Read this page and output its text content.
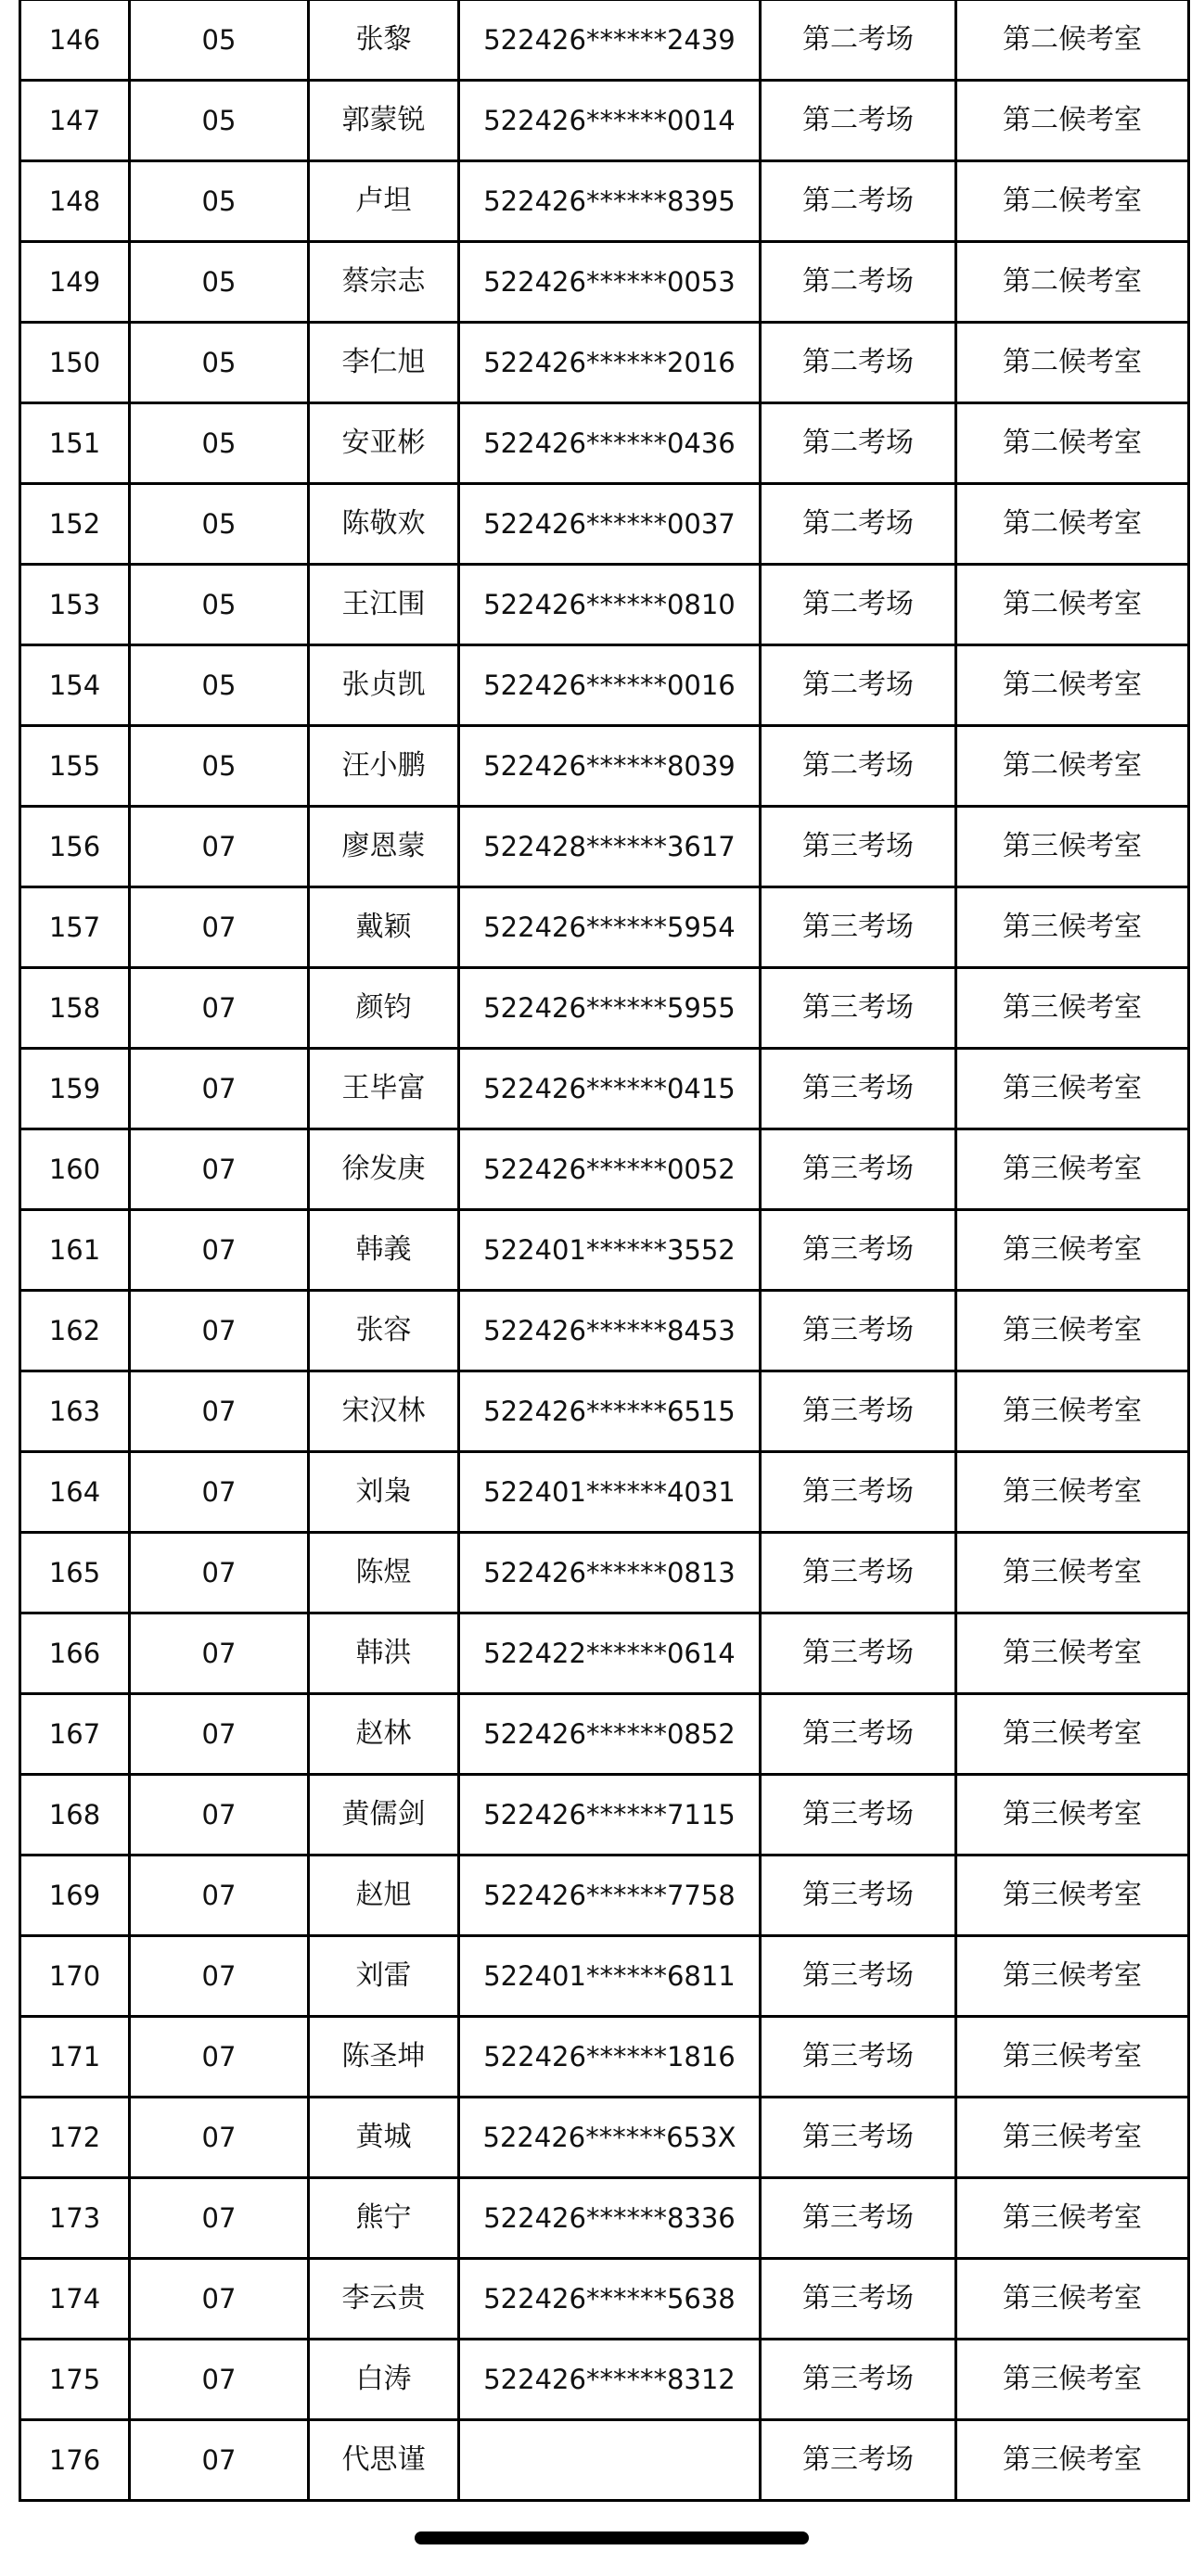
146	05	张黎	522426******2439	第二考场	第二候考室
147	05	郭蒙锐	522426******0014	第二考场	第二候考室
148	05	卢坦	522426******8395	第二考场	第二候考室
149	05	蔡宗志	522426******0053	第二考场	第二候考室
150	05	李仁旭	522426******2016	第二考场	第二候考室
151	05	安亚彬	522426******0436	第二考场	第二候考室
152	05	陈敬欢	522426******0037	第二考场	第二候考室
153	05	王江围	522426******0810	第二考场	第二候考室
154	05	张贞凯	522426******0016	第二考场	第二候考室
155	05	汪小鹏	522426******8039	第二考场	第二候考室
156	07	廖恩蒙	522428******3617	第三考场	第三候考室
157	07	戴颖	522426******5954	第三考场	第三候考室
158	07	颜钧	522426******5955	第三考场	第三候考室
159	07	王毕富	522426******0415	第三考场	第三候考室
160	07	徐发庚	522426******0052	第三考场	第三候考室
161	07	韩義	522401******3552	第三考场	第三候考室
162	07	张容	522426******8453	第三考场	第三候考室
163	07	宋汉林	522426******6515	第三考场	第三候考室
164	07	刘枭	522401******4031	第三考场	第三候考室
165	07	陈煜	522426******0813	第三考场	第三候考室
166	07	韩洪	522422******0614	第三考场	第三候考室
167	07	赵林	522426******0852	第三考场	第三候考室
168	07	黄儒剑	522426******7115	第三考场	第三候考室
169	07	赵旭	522426******7758	第三考场	第三候考室
170	07	刘雷	522401******6811	第三考场	第三候考室
171	07	陈圣坤	522426******1816	第三考场	第三候考室
172	07	黄城	522426******653X	第三考场	第三候考室
173	07	熊宁	522426******8336	第三考场	第三候考室
174	07	李云贵	522426******5638	第三考场	第三候考室
175	07	白涛	522426******8312	第三考场	第三候考室
176	07	代思谨		第三考场	第三候考室
